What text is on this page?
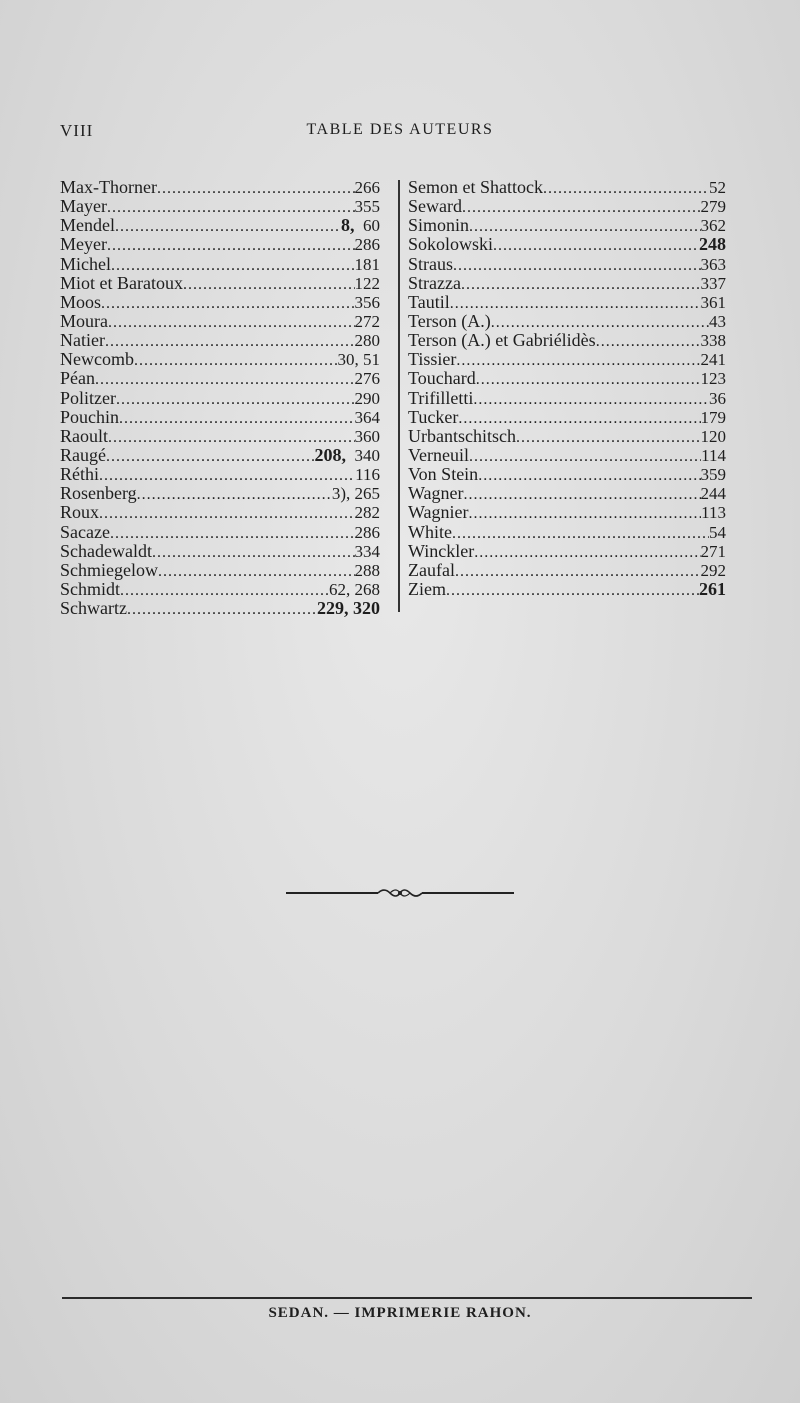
VIII	TABLE DES AUTEURS
Max-Thorner . . .	266
Mayer . . .	355
Mendel . . .	8, 60
Meyer . . .	286
Michel . . .	181
Miot et Baratoux . . .	122
Moos . . .	356
Moura . . .	272
Natier . . .	280
Newcomb . . .	30, 51
Péan . . .	276
Politzer . . .	290
Pouchin . . .	364
Raoult . . .	360
Raugé . . .	208, 340
Réthi . . .	116
Rosenberg . . .	3), 265
Roux . . .	282
Sacaze . . .	286
Schadewaldt . . .	334
Schmiegelow . . .	288
Schmidt . . .	62, 268
Schwartz . . .	229, 320
Semon et Shattock . . .	52
Seward . . .	279
Simonin . . .	362
Sokolowski . . .	248
Straus . . .	363
Strazza . . .	337
Tautil . . .	361
Terson (A.) . . .	43
Terson (A.) et Gabriélidès . . .	338
Tissier . . .	241
Touchard . . .	123
Trifilletti . . .	36
Tucker . . .	179
Urbantschitsch . . .	120
Verneuil . . .	114
Von Stein . . .	359
Wagner . . .	244
Wagnier . . .	113
White . . .	54
Winckler . . .	271
Zaufal . . .	292
Ziem . . .	261
SEDAN. — IMPRIMERIE RAHON.
